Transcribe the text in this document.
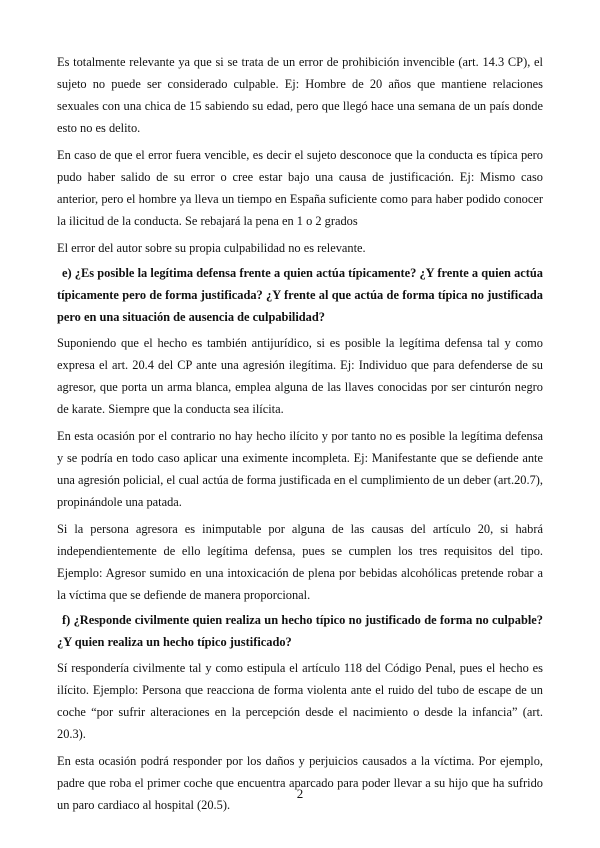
Es totalmente relevante ya que si se trata de un error de prohibición invencible (art. 14.3 CP), el sujeto no puede ser considerado culpable. Ej: Hombre de 20 años que mantiene relaciones sexuales con una chica de 15 sabiendo su edad, pero que llegó hace una semana de un país donde esto no es delito.

En caso de que el error fuera vencible, es decir el sujeto desconoce que la conducta es típica pero pudo haber salido de su error o cree estar bajo una causa de justificación. Ej: Mismo caso anterior, pero el hombre ya lleva un tiempo en España suficiente como para haber podido conocer la ilicitud de la conducta. Se rebajará la pena en 1 o 2 grados

El error del autor sobre su propia culpabilidad no es relevante.

e) ¿Es posible la legítima defensa frente a quien actúa típicamente? ¿Y frente a quien actúa típicamente pero de forma justificada? ¿Y frente al que actúa de forma típica no justificada pero en una situación de ausencia de culpabilidad?

Suponiendo que el hecho es también antijurídico, si es posible la legítima defensa tal y como expresa el art. 20.4 del CP ante una agresión ilegítima. Ej: Individuo que para defenderse de su agresor, que porta un arma blanca, emplea alguna de las llaves conocidas por ser cinturón negro de karate. Siempre que la conducta sea ilícita.

En esta ocasión por el contrario no hay hecho ilícito y por tanto no es posible la legítima defensa y se podría en todo caso aplicar una eximente incompleta. Ej: Manifestante que se defiende ante una agresión policial, el cual actúa de forma justificada en el cumplimiento de un deber (art.20.7), propinándole una patada.

Si la persona agresora es inimputable por alguna de las causas del artículo 20, si habrá independientemente de ello legítima defensa, pues se cumplen los tres requisitos del tipo. Ejemplo: Agresor sumido en una intoxicación de plena por bebidas alcohólicas pretende robar a la víctima que se defiende de manera proporcional.

f) ¿Responde civilmente quien realiza un hecho típico no justificado de forma no culpable? ¿Y quien realiza un hecho típico justificado?

Sí respondería civilmente tal y como estipula el artículo 118 del Código Penal, pues el hecho es ilícito. Ejemplo: Persona que reacciona de forma violenta ante el ruido del tubo de escape de un coche “por sufrir alteraciones en la percepción desde el nacimiento o desde la infancia” (art. 20.3).

En esta ocasión podrá responder por los daños y perjuicios causados a la víctima. Por ejemplo, padre que roba el primer coche que encuentra aparcado para poder llevar a su hijo que ha sufrido un paro cardiaco al hospital (20.5).

2
